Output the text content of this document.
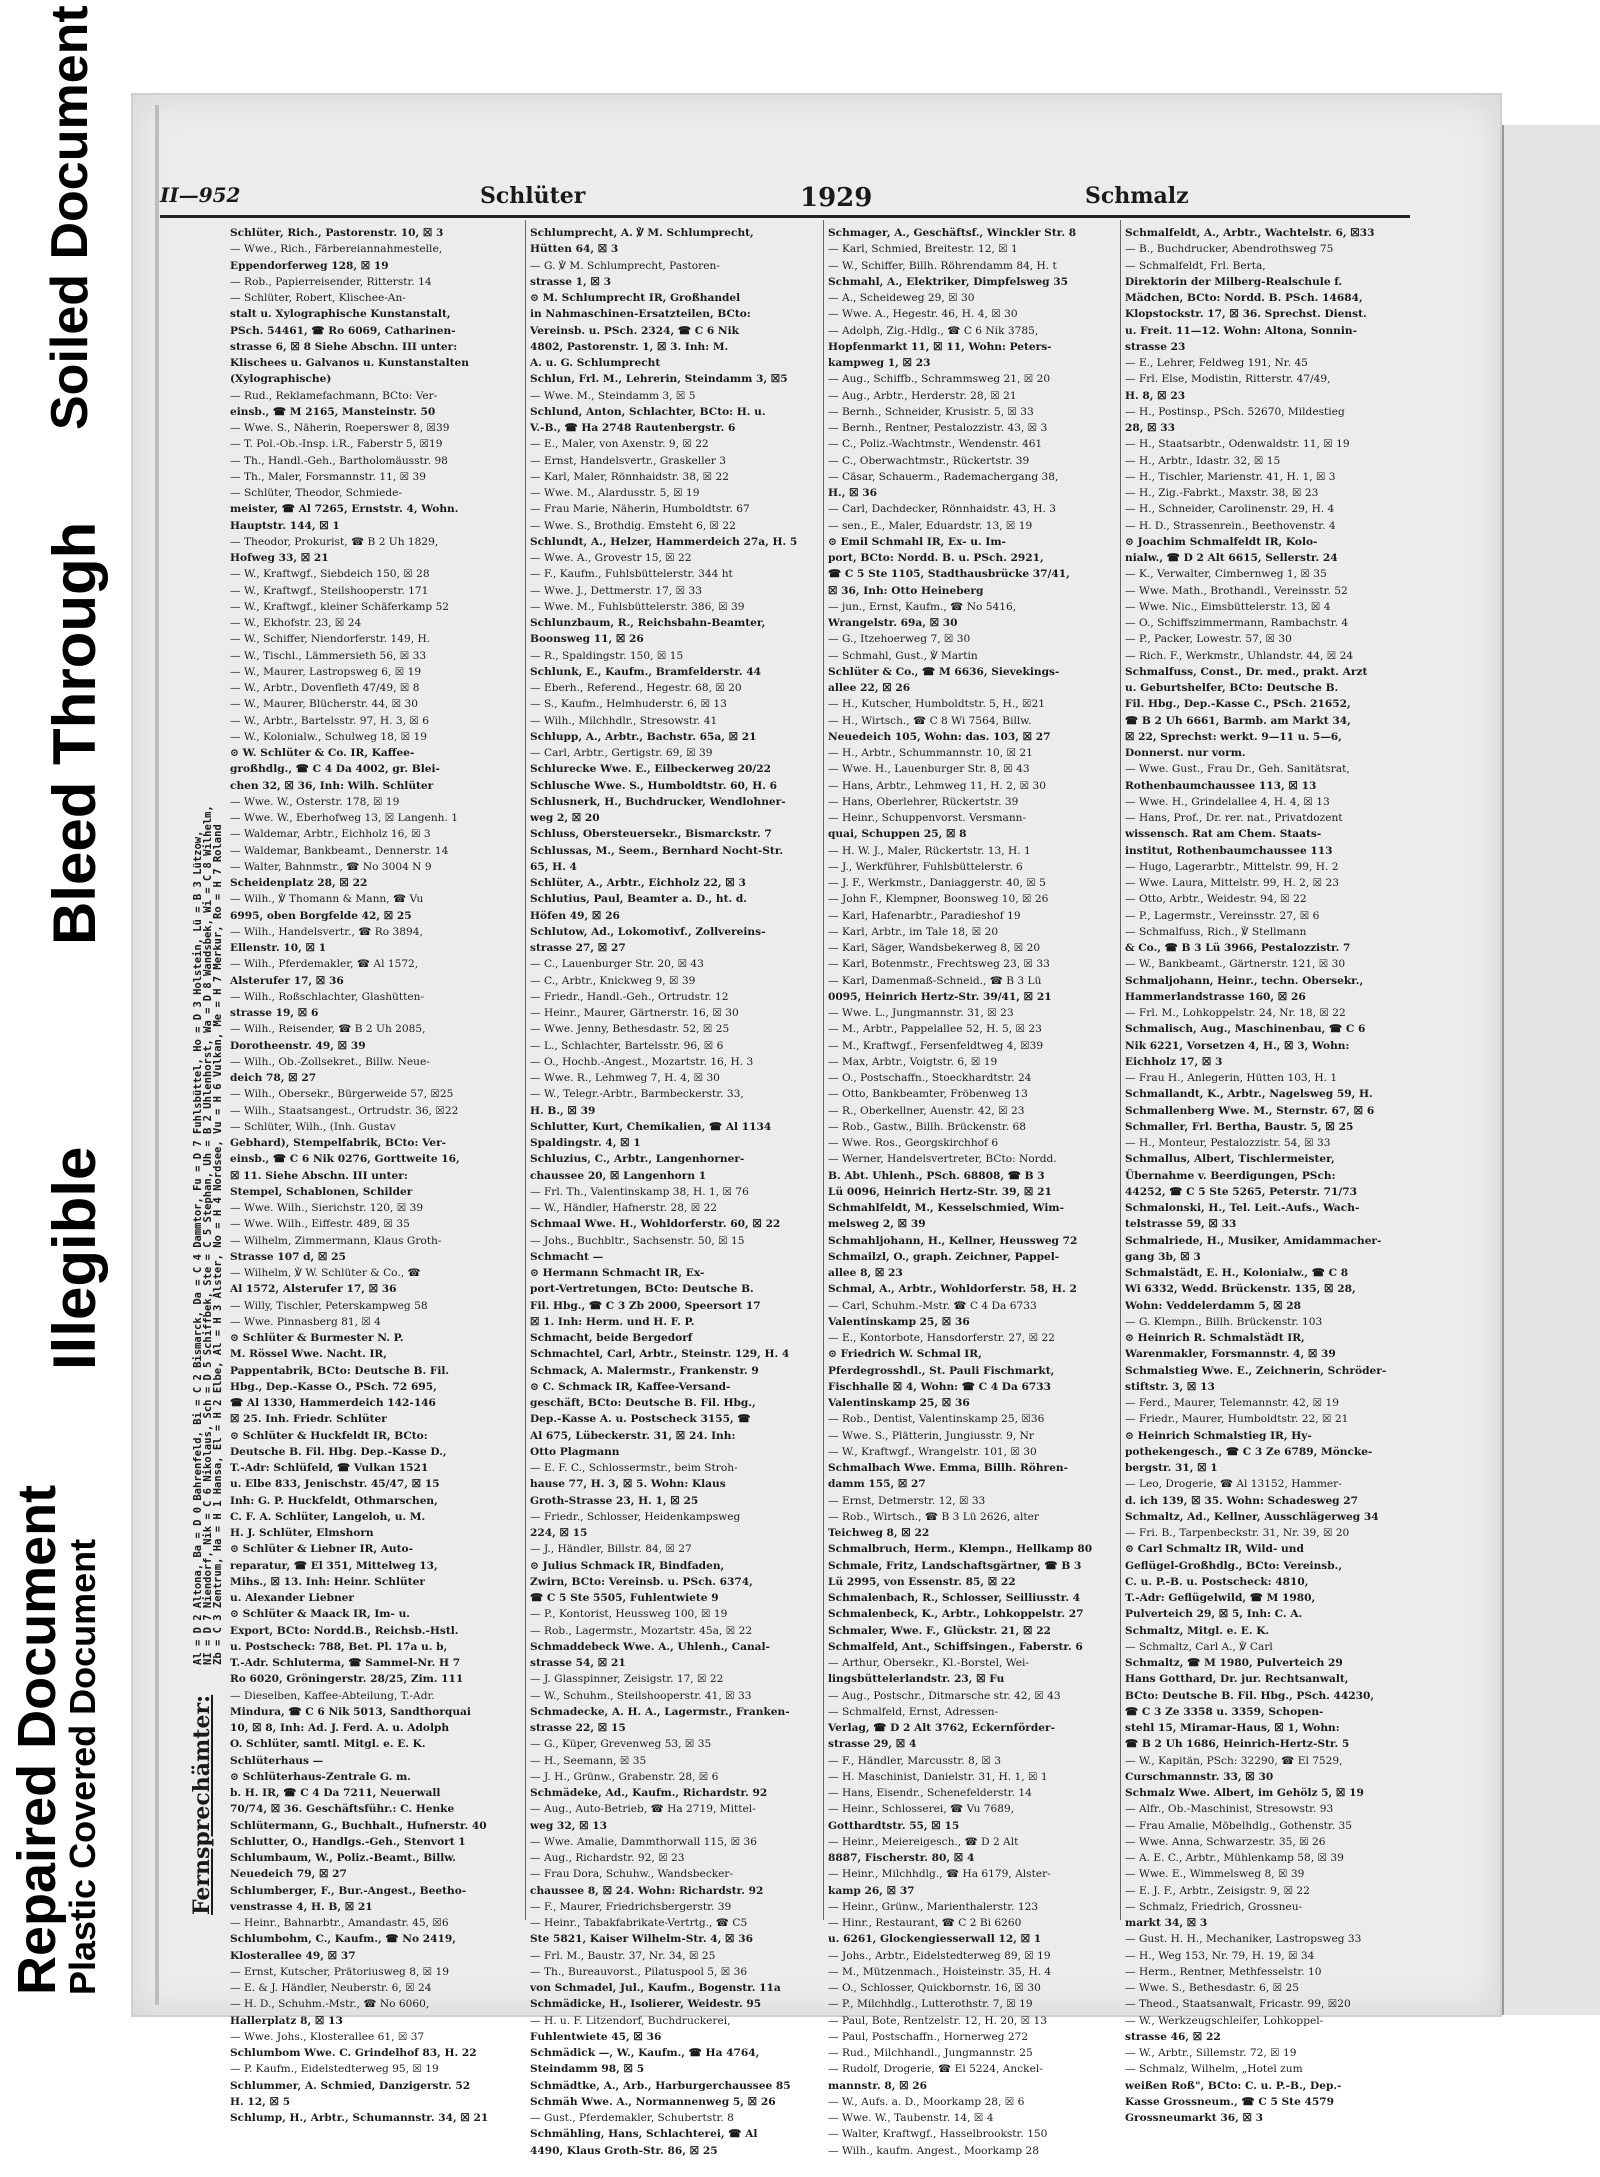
Repaired Document
Plastic Covered Document
Illegible
Bleed Through
Soiled Document	II—952	Schlüter	1929	Schmalz
Fernsprechämter:
Al = D 2 Altona, Ba = D 0 Bahrenfeld, Bi = C 2 Bismarck, Da = C 4 Dammtor, Fu = D 7 Fuhlsbüttel, Ho = D 3 Holstein, Lü = B 3 Lützow,
NI = D 7 Niendorf, Nik = C 6 Nikolaus, Sch = D 5 Schiffbek, Ste = C 5 Stephan, Uh = B 2 Uhlenhorst, Wa = D 8 Wandsbek, Wi = C 8 Wilhelm,
Zb = C 3 Zentrum, Ha = H 1 Hansa, El = H 2 Elbe, Al = H 3 Alster, No = H 4 Nordsee, Vu = H 6 Vulkan, Me = H 7 Merkur, Ro = H 7 Roland
Schlüter, Rich., Pastorenstr. 10, ☒ 3
— Wwe., Rich., Färbereiannahmestelle,
Eppendorferweg 128, ☒ 19
— Rob., Papierreisender, Ritterstr. 14
— Schlüter, Robert, Klischee-An-
stalt u. Xylographische Kunstanstalt,
PSch. 54461, ☎ Ro 6069, Catharinen-
strasse 6, ☒ 8 Siehe Abschn. III unter:
Klischees u. Galvanos u. Kunstanstalten
(Xylographische)
— Rud., Reklamefachmann, BCto: Ver-
einsb., ☎ M 2165, Mansteinstr. 50
— Wwe. S., Näherin, Roeperswег 8, ☒39
— T. Pol.-Ob.-Insp. i.R., Faberstr 5, ☒19
— Th., Handl.-Geh., Bartholomäusstr. 98
— Th., Maler, Forsmannstr. 11, ☒ 39
— Schlüter, Theodor, Schmiede-
meister, ☎ Al 7265, Ernststr. 4, Wohn.
Hauptstr. 144, ☒ 1
— Theodor, Prokurist, ☎ B 2 Uh 1829,
Hofweg 33, ☒ 21
— W., Kraftwgf., Siebdeich 150, ☒ 28
— W., Kraftwgf., Steilshooperstr. 171
— W., Kraftwgf., kleiner Schäferkamp 52
— W., Ekhofstr. 23, ☒ 24
— W., Schiffer, Niendorferstr. 149, H.
— W., Tischl., Lämmersieth 56, ☒ 33
— W., Maurer, Lastropsweg 6, ☒ 19
— W., Arbtr., Dovenfleth 47/49, ☒ 8
— W., Maurer, Blücherstr. 44, ☒ 30
— W., Arbtr., Bartelsstr. 97, H. 3, ☒ 6
— W., Kolonialw., Schulweg 18, ☒ 19
⊙ W. Schlüter & Co. IR, Kaffee-
großhdlg., ☎ C 4 Da 4002, gr. Blei-
chen 32, ☒ 36, Inh: Wilh. Schlüter
— Wwe. W., Osterstr. 178, ☒ 19
— Wwe. W., Eberhofweg 13, ☒ Langenh. 1
— Waldemar, Arbtr., Eichholz 16, ☒ 3
— Waldemar, Bankbeamt., Dennerstr. 14
— Walter, Bahnmstr., ☎ No 3004 N 9
Scheidenplatz 28, ☒ 22
— Wilh., ℣ Thomann & Mann, ☎ Vu
6995, oben Borgfelde 42, ☒ 25
— Wilh., Handelsvertr., ☎ Ro 3894,
Ellenstr. 10, ☒ 1
— Wilh., Pferdemakler, ☎ Al 1572,
Alsterufer 17, ☒ 36
— Wilh., Roßschlachter, Glashütten-
strasse 19, ☒ 6
— Wilh., Reisender, ☎ B 2 Uh 2085,
Dorotheenstr. 49, ☒ 39
— Wilh., Ob.-Zollsekret., Billw. Neue-
deich 78, ☒ 27
— Wilh., Obersekr., Bürgerweide 57, ☒25
— Wilh., Staatsangest., Ortrudstr. 36, ☒22
— Schlüter, Wilh., (Inh. Gustav
Gebhard), Stempelfabrik, BCto: Ver-
einsb., ☎ C 6 Nik 0276, Gorttweite 16,
☒ 11. Siehe Abschn. III unter:
Stempel, Schablonen, Schilder
— Wwe. Wilh., Sierichstr. 120, ☒ 39
— Wwe. Wilh., Eiffestr. 489, ☒ 35
— Wilhelm, Zimmermann, Klaus Groth-
Strasse 107 d, ☒ 25
— Wilhelm, ℣ W. Schlüter & Co., ☎
Al 1572, Alsterufer 17, ☒ 36
— Willy, Tischler, Peterskampweg 58
— Wwe. Pinnasberg 81, ☒ 4
⊙ Schlüter & Burmester N. P.
M. Rössel Wwe. Nacht. IR,
Pappentabrik, BCto: Deutsche B. Fil.
Hbg., Dep.-Kasse O., PSch. 72 695,
☎ Al 1330, Hammerdeich 142-146
☒ 25. Inh. Friedr. Schlüter
⊙ Schlüter & Huckfeldt IR, BCto:
Deutsche B. Fil. Hbg. Dep.-Kasse D.,
T.-Adr: Schlüfeld, ☎ Vulkan 1521
u. Elbe 833, Jenischstr. 45/47, ☒ 15
Inh: G. P. Huckfeldt, Othmarschen,
C. F. A. Schlüter, Langeloh, u. M.
H. J. Schlüter, Elmshorn
⊙ Schlüter & Liebner IR, Auto-
reparatur, ☎ El 351, Mittelweg 13,
Mihs., ☒ 13. Inh: Heinr. Schlüter
u. Alexander Liebner
⊙ Schlüter & Maack IR, Im- u.
Export, BCto: Nordd.B., Reichsb.-Hstl.
u. Postscheck: 788, Bet. Pl. 17a u. b,
T.-Adr. Schluterma, ☎ Sammel-Nr. H 7
Ro 6020, Gröningerstr. 28/25, Zim. 111
— Dieselben, Kaffee-Abteilung, T.-Adr.
Mindura, ☎ C 6 Nik 5013, Sandthorquai
10, ☒ 8, Inh: Ad. J. Ferd. A. u. Adolph
O. Schlüter, samtl. Mitgl. e. E. K.
Schlüterhaus —
⊙ Schlüterhaus-Zentrale G. m.
b. H. IR, ☎ C 4 Da 7211, Neuerwall
70/74, ☒ 36. Geschäftsführ.: C. Henke
Schlütermann, G., Buchhalt., Hufnerstr. 40
Schlutter, O., Handlgs.-Geh., Stenvort 1
Schlumbaum, W., Poliz.-Beamt., Billw.
Neuedeich 79, ☒ 27
Schlumberger, F., Bur.-Angest., Beetho-
venstrasse 4, H. B, ☒ 21
— Heinr., Bahnarbtr., Amandastr. 45, ☒6
Schlumbohm, C., Kaufm., ☎ No 2419,
Klosterallee 49, ☒ 37
— Ernst, Kutscher, Prätoriusweg 8, ☒ 19
— E. & J. Händler, Neuberstr. 6, ☒ 24
— H. D., Schuhm.-Mstr., ☎ No 6060,
Hallerplatz 8, ☒ 13
— Wwe. Johs., Klosterallee 61, ☒ 37
Schlumbom Wwe. C. Grindelhof 83, H. 22
— P. Kaufm., Eidelstedterweg 95, ☒ 19
Schlummer, A. Schmied, Danzigerstr. 52
H. 12, ☒ 5
Schlump, H., Arbtr., Schumannstr. 34, ☒ 21
Schlumprecht, A. ℣ M. Schlumprecht,
Hütten 64, ☒ 3
— G. ℣ M. Schlumprecht, Pastoren-
strasse 1, ☒ 3
⊙ M. Schlumprecht IR, Großhandel
in Nahmaschinen-Ersatzteilen, BCto:
Vereinsb. u. PSch. 2324, ☎ C 6 Nik
4802, Pastorenstr. 1, ☒ 3. Inh: M.
A. u. G. Schlumprecht
Schlun, Frl. M., Lehrerin, Steindamm 3, ☒5
— Wwe. M., Steindamm 3, ☒ 5
Schlund, Anton, Schlachter, BCto: H. u.
V.-B., ☎ Ha 2748 Rautenbergstr. 6
— E., Maler, von Axenstr. 9, ☒ 22
— Ernst, Handelsvertr., Graskeller 3
— Karl, Maler, Rönnhaidstr. 38, ☒ 22
— Wwe. M., Alardusstr. 5, ☒ 19
— Frau Marie, Näherin, Humboldtstr. 67
— Wwe. S., Brothdig. Emsteht 6, ☒ 22
Schlundt, A., Helzer, Hammerdeich 27a, H. 5
— Wwe. A., Grovestr 15, ☒ 22
— F., Kaufm., Fuhlsbüttelerstr. 344 ht
— Wwe. J., Dettmerstr. 17, ☒ 33
— Wwe. M., Fuhlsbüttelerstr. 386, ☒ 39
Schlunzbaum, R., Reichsbahn-Beamter,
Boonsweg 11, ☒ 26
— R., Spaldingstr. 150, ☒ 15
Schlunk, E., Kaufm., Bramfelderstr. 44
— Eberh., Referend., Hegestr. 68, ☒ 20
— S., Kaufm., Helmhuderstr. 6, ☒ 13
— Wilh., Milchhdlr., Stresowstr. 41
Schlupp, A., Arbtr., Bachstr. 65a, ☒ 21
— Carl, Arbtr., Gertigstr. 69, ☒ 39
Schlurecke Wwe. E., Eilbeckerweg 20/22
Schlusche Wwe. S., Humboldtstr. 60, H. 6
Schlusnerk, H., Buchdrucker, Wendlohner-
weg 2, ☒ 20
Schluss, Obersteuersekr., Bismarckstr. 7
Schlussas, M., Seem., Bernhard Nocht-Str.
65, H. 4
Schlüter, A., Arbtr., Eichholz 22, ☒ 3
Schlutius, Paul, Beamter a. D., ht. d.
Höfen 49, ☒ 26
Schlutow, Ad., Lokomotivf., Zollvereins-
strasse 27, ☒ 27
— C., Lauenburger Str. 20, ☒ 43
— C., Arbtr., Knickweg 9, ☒ 39
— Friedr., Handl.-Geh., Ortrudstr. 12
— Heinr., Maurer, Gärtnerstr. 16, ☒ 30
— Wwe. Jenny, Bethesdastr. 52, ☒ 25
— L., Schlachter, Bartelsstr. 96, ☒ 6
— O., Hochb.-Angest., Mozartstr. 16, H. 3
— Wwe. R., Lehmweg 7, H. 4, ☒ 30
— W., Telegr.-Arbtr., Barmbeckerstr. 33,
H. B., ☒ 39
Schlutter, Kurt, Chemikalien, ☎ Al 1134
Spaldingstr. 4, ☒ 1
Schluzius, C., Arbtr., Langenhorner-
chaussee 20, ☒ Langenhorn 1
— Frl. Th., Valentinskamp 38, H. 1, ☒ 76
— W., Händler, Hafnerstr. 28, ☒ 22
Schmaal Wwe. H., Wohldorferstr. 60, ☒ 22
— Johs., Buchbltr., Sachsenstr. 50, ☒ 15
Schmacht —
⊙ Hermann Schmacht IR, Ex-
port-Vertretungen, BCto: Deutsche B.
Fil. Hbg., ☎ C 3 Zb 2000, Speersort 17
☒ 1. Inh: Herm. und H. F. P.
Schmacht, beide Bergedorf
Schmachtel, Carl, Arbtr., Steinstr. 129, H. 4
Schmack, A. Malermstr., Frankenstr. 9
⊙ C. Schmack IR, Kaffee-Versand-
geschäft, BCto: Deutsche B. Fil. Hbg.,
Dep.-Kasse A. u. Postscheck 3155, ☎
Al 675, Lübeckerstr. 31, ☒ 24. Inh:
Otto Plagmann
— E. F. C., Schlossermstr., beim Stroh-
hause 77, H. 3, ☒ 5. Wohn: Klaus
Groth-Strasse 23, H. 1, ☒ 25
— Friedr., Schlosser, Heidenkampsweg
224, ☒ 15
— J., Händler, Billstr. 84, ☒ 27
⊙ Julius Schmack IR, Bindfaden,
Zwirn, BCto: Vereinsb. u. PSch. 6374,
☎ C 5 Ste 5505, Fuhlentwiete 9
— P., Kontorist, Heussweg 100, ☒ 19
— Rob., Lagermstr., Mozartstr. 45a, ☒ 22
Schmaddebeck Wwe. A., Uhlenh., Canal-
strasse 54, ☒ 21
— J. Glasspinner, Zeisigstr. 17, ☒ 22
— W., Schuhm., Steilshooperstr. 41, ☒ 33
Schmadecke, A. H. A., Lagermstr., Franken-
strasse 22, ☒ 15
— G., Küper, Grevenweg 53, ☒ 35
— H., Seemann, ☒ 35
— J. H., Grünw., Grabenstr. 28, ☒ 6
Schmädeke, Ad., Kaufm., Richardstr. 92
— Aug., Auto-Betrieb, ☎ Ha 2719, Mittel-
weg 32, ☒ 13
— Wwe. Amalie, Dammthorwall 115, ☒ 36
— Aug., Richardstr. 92, ☒ 23
— Frau Dora, Schuhw., Wandsbecker-
chaussee 8, ☒ 24. Wohn: Richardstr. 92
— F., Maurer, Friedrichsbergerstr. 39
— Heinr., Tabakfabrikate-Vertrtg., ☎ C5
Ste 5821, Kaiser Wilhelm-Str. 4, ☒ 36
— Frl. M., Baustr. 37, Nr. 34, ☒ 25
— Th., Bureauvorst., Pilatuspool 5, ☒ 36
von Schmadel, Jul., Kaufm., Bogenstr. 11a
Schmädicke, H., Isolierer, Weidestr. 95
— H. u. F. Litzendorf, Buchdruckerei,
Fuhlentwiete 45, ☒ 36
Schmädick —, W., Kaufm., ☎ Ha 4764,
Steindamm 98, ☒ 5
Schmädtke, A., Arb., Harburgerchaussee 85
Schmäh Wwe. A., Normannenweg 5, ☒ 26
— Gust., Pferdemakler, Schubertstr. 8
Schmähling, Hans, Schlachterei, ☎ Al
4490, Klaus Groth-Str. 86, ☒ 25
Schmager, A., Geschäftsf., Winckler Str. 8
— Karl, Schmied, Breitestr. 12, ☒ 1
— W., Schiffer, Billh. Röhrendamm 84, H. t
Schmahl, A., Elektriker, Dimpfelsweg 35
— A., Scheideweg 29, ☒ 30
— Wwe. A., Hegestr. 46, H. 4, ☒ 30
— Adolph, Zig.-Hdlg., ☎ C 6 Nik 3785,
Hopfenmarkt 11, ☒ 11, Wohn: Peters-
kampweg 1, ☒ 23
— Aug., Schiffb., Schrammsweg 21, ☒ 20
— Aug., Arbtr., Herderstr. 28, ☒ 21
— Bernh., Schneider, Krusistr. 5, ☒ 33
— Bernh., Rentner, Pestalozzistr. 43, ☒ 3
— C., Poliz.-Wachtmstr., Wendenstr. 461
— C., Oberwachtmstr., Rückertstr. 39
— Cäsar, Schauerm., Rademachergang 38,
H., ☒ 36
— Carl, Dachdecker, Rönnhaidstr. 43, H. 3
— sen., E., Maler, Eduardstr. 13, ☒ 19
⊙ Emil Schmahl IR, Ex- u. Im-
port, BCto: Nordd. B. u. PSch. 2921,
☎ C 5 Ste 1105, Stadthausbrücke 37/41,
☒ 36, Inh: Otto Heineberg
— jun., Ernst, Kaufm., ☎ No 5416,
Wrangelstr. 69a, ☒ 30
— G., Itzehoerweg 7, ☒ 30
— Schmahl, Gust., ℣ Martin
Schlüter & Co., ☎ M 6636, Sievekings-
allee 22, ☒ 26
— H., Kutscher, Humboldtstr. 5, H., ☒21
— H., Wirtsch., ☎ C 8 Wi 7564, Billw.
Neuedeich 105, Wohn: das. 103, ☒ 27
— H., Arbtr., Schummannstr. 10, ☒ 21
— Wwe. H., Lauenburger Str. 8, ☒ 43
— Hans, Arbtr., Lehmweg 11, H. 2, ☒ 30
— Hans, Oberlehrer, Rückertstr. 39
— Heinr., Schuppenvorst. Versmann-
quai, Schuppen 25, ☒ 8
— H. W. J., Maler, Rückertstr. 13, H. 1
— J., Werkführer, Fuhlsbüttelerstr. 6
— J. F., Werkmstr., Daniaggerstr. 40, ☒ 5
— John F., Klempner, Boonsweg 10, ☒ 26
— Karl, Hafenarbtr., Paradieshof 19
— Karl, Arbtr., im Tale 18, ☒ 20
— Karl, Säger, Wandsbekerweg 8, ☒ 20
— Karl, Botenmstr., Frechtsweg 23, ☒ 33
— Karl, Damenmaß-Schneid., ☎ B 3 Lü
0095, Heinrich Hertz-Str. 39/41, ☒ 21
— Wwe. L., Jungmannstr. 31, ☒ 23
— M., Arbtr., Pappelallee 52, H. 5, ☒ 23
— M., Kraftwgf., Fersenfeldtweg 4, ☒39
— Max, Arbtr., Voigtstr. 6, ☒ 19
— O., Postschaffn., Stoeckhardtstr. 24
— Otto, Bankbeamter, Fröbenweg 13
— R., Oberkellner, Auenstr. 42, ☒ 23
— Rob., Gastw., Billh. Brückenstr. 68
— Wwe. Ros., Georgskirchhof 6
— Werner, Handelsvertreter, BCto: Nordd.
B. Abt. Uhlenh., PSch. 68808, ☎ B 3
Lü 0096, Heinrich Hertz-Str. 39, ☒ 21
Schmahlfeldt, M., Kesselschmied, Wim-
melsweg 2, ☒ 39
Schmahljohann, H., Kellner, Heussweg 72
Schmailzl, O., graph. Zeichner, Pappel-
allee 8, ☒ 23
Schmal, A., Arbtr., Wohldorferstr. 58, H. 2
— Carl, Schuhm.-Mstr. ☎ C 4 Da 6733
Valentinskamp 25, ☒ 36
— E., Kontorbote, Hansdorferstr. 27, ☒ 22
⊙ Friedrich W. Schmal IR,
Pferdegrosshdl., St. Pauli Fischmarkt,
Fischhalle ☒ 4, Wohn: ☎ C 4 Da 6733
Valentinskamp 25, ☒ 36
— Rob., Dentist, Valentinskamp 25, ☒36
— Wwe. S., Plätterin, Jungiusstr. 9, Nr
— W., Kraftwgf., Wrangelstr. 101, ☒ 30
Schmalbach Wwe. Emma, Billh. Röhren-
damm 155, ☒ 27
— Ernst, Detmerstr. 12, ☒ 33
— Rob., Wirtsch., ☎ B 3 Lü 2626, alter
Teichweg 8, ☒ 22
Schmalbruch, Herm., Klempn., Hellkamp 80
Schmale, Fritz, Landschaftsgärtner, ☎ B 3
Lü 2995, von Essenstr. 85, ☒ 22
Schmalenbach, R., Schlosser, Seilliusstr. 4
Schmalenbeck, K., Arbtr., Lohkoppelstr. 27
Schmaler, Wwe. F., Glückstr. 21, ☒ 22
Schmalfeld, Ant., Schiffsingen., Faberstr. 6
— Arthur, Obersekr., Kl.-Borstel, Wei-
lingsbüttelerlandstr. 23, ☒ Fu
— Aug., Postschr., Ditmarsche str. 42, ☒ 43
— Schmalfeld, Ernst, Adressen-
Verlag, ☎ D 2 Alt 3762, Eckernförder-
strasse 29, ☒ 4
— F., Händler, Marcusstr. 8, ☒ 3
— H. Maschinist, Danielstr. 31, H. 1, ☒ 1
— Hans, Eisendr., Schenefelderstr. 14
— Heinr., Schlosserei, ☎ Vu 7689,
Gotthardtstr. 55, ☒ 15
— Heinr., Meiereigesch., ☎ D 2 Alt
8887, Fischerstr. 80, ☒ 4
— Heinr., Milchhdlg., ☎ Ha 6179, Alster-
kamp 26, ☒ 37
— Heinr., Grünw., Marienthalerstr. 123
— Hinr., Restaurant, ☎ C 2 Bi 6260
u. 6261, Glockengiesserwall 12, ☒ 1
— Johs., Arbtr., Eidelstedterweg 89, ☒ 19
— M., Mützenmach., Hoisteinstr. 35, H. 4
— O., Schlosser, Quickbornstr. 16, ☒ 30
— P., Milchhdlg., Lutterothstr. 7, ☒ 19
— Paul, Bote, Rentzelstr. 12, H. 20, ☒ 13
— Paul, Postschaffn., Hornerweg 272
— Rud., Milchhandl., Jungmannstr. 25
— Rudolf, Drogerie, ☎ El 5224, Anckel-
mannstr. 8, ☒ 26
— W., Aufs. a. D., Moorkamp 28, ☒ 6
— Wwe. W., Taubenstr. 14, ☒ 4
— Walter, Kraftwgf., Hasselbrookstr. 150
— Wilh., kaufm. Angest., Moorkamp 28
Schmalfeldt, A., Arbtr., Wachtelstr. 6, ☒33
— B., Buchdrucker, Abendrothsweg 75
— Schmalfeldt, Frl. Berta,
Direktorin der Milberg-Realschule f.
Mädchen, BCto: Nordd. B. PSch. 14684,
Klopstockstr. 17, ☒ 36. Sprechst. Dienst.
u. Freit. 11—12. Wohn: Altona, Sonnin-
strasse 23
— E., Lehrer, Feldweg 191, Nr. 45
— Frl. Else, Modistin, Ritterstr. 47/49,
H. 8, ☒ 23
— H., Postinsp., PSch. 52670, Mildestieg
28, ☒ 33
— H., Staatsarbtr., Odenwaldstr. 11, ☒ 19
— H., Arbtr., Idastr. 32, ☒ 15
— H., Tischler, Marienstr. 41, H. 1, ☒ 3
— H., Zig.-Fabrkt., Maxstr. 38, ☒ 23
— H., Schneider, Carolinenstr. 29, H. 4
— H. D., Strassenrein., Beethovenstr. 4
⊙ Joachim Schmalfeldt IR, Kolo-
nialw., ☎ D 2 Alt 6615, Sellerstr. 24
— K., Verwalter, Cimbernweg 1, ☒ 35
— Wwe. Math., Brothandl., Vereinsstr. 52
— Wwe. Nic., Eimsbüttelerstr. 13, ☒ 4
— O., Schiffszimmermann, Rambachstr. 4
— P., Packer, Lowestr. 57, ☒ 30
— Rich. F., Werkmstr., Uhlandstr. 44, ☒ 24
Schmalfuss, Const., Dr. med., prakt. Arzt
u. Geburtshelfer, BCto: Deutsche B.
Fil. Hbg., Dep.-Kasse C., PSch. 21652,
☎ B 2 Uh 6661, Barmb. am Markt 34,
☒ 22, Sprechst: werkt. 9—11 u. 5—6,
Donnerst. nur vorm.
— Wwe. Gust., Frau Dr., Geh. Sanitätsrat,
Rothenbaumchaussee 113, ☒ 13
— Wwe. H., Grindelallee 4, H. 4, ☒ 13
— Hans, Prof., Dr. rer. nat., Privatdozent
wissensch. Rat am Chem. Staats-
institut, Rothenbaumchaussee 113
— Hugo, Lagerarbtr., Mittelstr. 99, H. 2
— Wwe. Laura, Mittelstr. 99, H. 2, ☒ 23
— Otto, Arbtr., Weidestr. 94, ☒ 22
— P., Lagermstr., Vereinsstr. 27, ☒ 6
— Schmalfuss, Rich., ℣ Stellmann
& Co., ☎ B 3 Lü 3966, Pestalozzistr. 7
— W., Bankbeamt., Gärtnerstr. 121, ☒ 30
Schmaljohann, Heinr., techn. Obersekr.,
Hammerlandstrasse 160, ☒ 26
— Frl. M., Lohkoppelstr. 24, Nr. 18, ☒ 22
Schmalisch, Aug., Maschinenbau, ☎ C 6
Nik 6221, Vorsetzen 4, H., ☒ 3, Wohn:
Eichholz 17, ☒ 3
— Frau H., Anlegerin, Hütten 103, H. 1
Schmallandt, K., Arbtr., Nagelsweg 59, H.
Schmallenberg Wwe. M., Sternstr. 67, ☒ 6
Schmaller, Frl. Bertha, Baustr. 5, ☒ 25
— H., Monteur, Pestalozzistr. 54, ☒ 33
Schmallus, Albert, Tischlermeister,
Übernahme v. Beerdigungen, PSch:
44252, ☎ C 5 Ste 5265, Peterstr. 71/73
Schmalonski, H., Tel. Leit.-Aufs., Wach-
telstrasse 59, ☒ 33
Schmalriede, H., Musiker, Amidammacher-
gang 3b, ☒ 3
Schmalstädt, E. H., Kolonialw., ☎ C 8
Wi 6332, Wedd. Brückenstr. 135, ☒ 28,
Wohn: Veddelerdamm 5, ☒ 28
— G. Klempn., Billh. Brückenstr. 103
⊙ Heinrich R. Schmalstädt IR,
Warenmakler, Forsmannstr. 4, ☒ 39
Schmalstieg Wwe. E., Zeichnerin, Schröder-
stiftstr. 3, ☒ 13
— Ferd., Maurer, Telemannstr. 42, ☒ 19
— Friedr., Maurer, Humboldtstr. 22, ☒ 21
⊙ Heinrich Schmalstieg IR, Hy-
pothekengesch., ☎ C 3 Ze 6789, Mönckе-
bergstr. 31, ☒ 1
— Leo, Drogerie, ☎ Al 13152, Hammer-
d. ich 139, ☒ 35. Wohn: Schadesweg 27
Schmaltz, Ad., Kellner, Ausschlägerweg 34
— Fri. B., Tarpenbeckstr. 31, Nr. 39, ☒ 20
⊙ Carl Schmaltz IR, Wild- und
Geflügel-Großhdlg., BCto: Vereinsb.,
C. u. P.-B. u. Postscheck: 4810,
T.-Adr: Geflügelwild, ☎ M 1980,
Pulverteich 29, ☒ 5, Inh: C. A.
Schmaltz, Mitgl. e. E. K.
— Schmaltz, Carl A., ℣ Carl
Schmaltz, ☎ M 1980, Pulverteich 29
Hans Gotthard, Dr. jur. Rechtsanwalt,
BCto: Deutsche B. Fil. Hbg., PSch. 44230,
☎ C 3 Ze 3358 u. 3359, Schopen-
stehl 15, Miramar-Haus, ☒ 1, Wohn:
☎ B 2 Uh 1686, Heinrich-Hertz-Str. 5
— W., Kapitän, PSch: 32290, ☎ El 7529,
Curschmannstr. 33, ☒ 30
Schmalz Wwe. Albert, im Gehölz 5, ☒ 19
— Alfr., Ob.-Maschinist, Stresowstr. 93
— Frau Amalie, Möbelhdlg., Gothenstr. 35
— Wwe. Anna, Schwarzestr. 35, ☒ 26
— A. E. C., Arbtr., Mühlenkamp 58, ☒ 39
— Wwe. E., Wimmelsweg 8, ☒ 39
— E. J. F., Arbtr., Zeisigstr. 9, ☒ 22
— Schmalz, Friedrich, Grossneu-
markt 34, ☒ 3
— Gust. H. H., Mechaniker, Lastropsweg 33
— H., Weg 153, Nr. 79, H. 19, ☒ 34
— Herm., Rentner, Methfesselstr. 10
— Wwe. S., Bethesdastr. 6, ☒ 25
— Theod., Staatsanwalt, Fricastr. 99, ☒20
— W., Werkzeugschleifer, Lohkoppel-
strasse 46, ☒ 22
— W., Arbtr., Sillemstr. 72, ☒ 19
— Schmalz, Wilhelm, „Hotel zum
weißen Roß", BCto: C. u. P.-B., Dep.-
Kasse Grossneum., ☎ C 5 Ste 4579
Grossneumarkt 36, ☒ 3
